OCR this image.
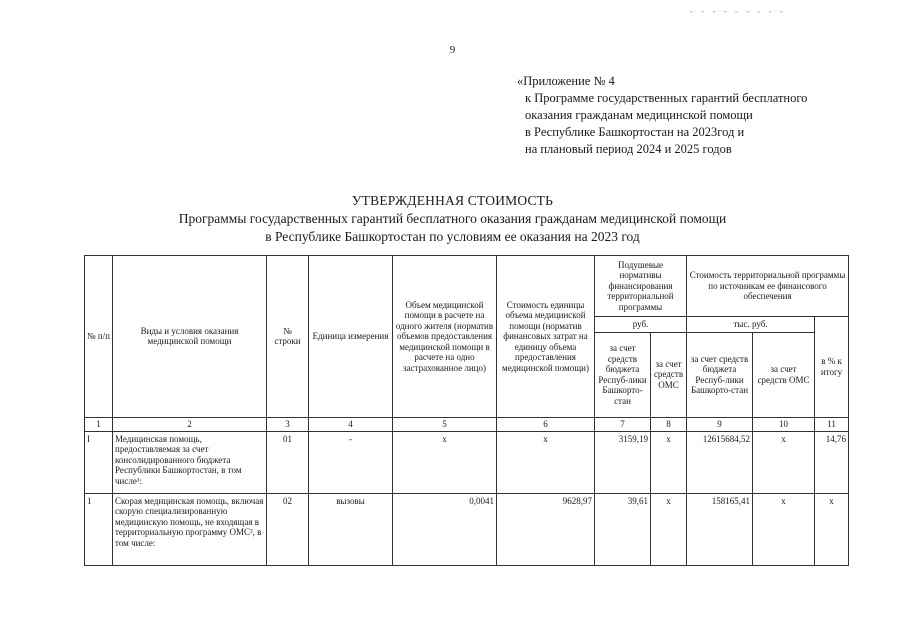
- - - - - - - - -
9
«Приложение № 4
к Программе государственных гарантий бесплатного
оказания гражданам медицинской помощи
в Республике Башкортостан на 2023год и
на плановый период 2024 и 2025 годов
УТВЕРЖДЕННАЯ СТОИМОСТЬ
Программы государственных гарантий бесплатного оказания гражданам медицинской помощи
в Республике Башкортостан по условиям ее оказания на 2023 год
№ п/п	Виды и условия оказания медицинской помощи	№ строки	Единица измерения	Объем медицинской помощи в расчете на одного жителя (норматив объемов предоставления медицинской помощи в расчете на одно застрахованное лицо)	Стоимость единицы объема медицинской помощи (норматив финансовых затрат на единицу объема предоставления медицинской помощи)	Подушевые нормативы финансирования территориальной программы		Стоимость территориальной программы по источникам ее финансового обеспечения		
						руб.		тыс. руб.		в % к итогу
						за счет средств бюджета Респуб-лики Башкорто-стан	за счет средств ОМС	за счет средств бюджета Респуб-лики Башкорто-стан	за счет средств ОМС	
1	2	3	4	5	6	7	8	9	10	11
I	Медицинская помощь, предоставляемая за счет консолидированного бюджета Республики Башкортостан, в том числе¹:	01	-	x	x	3159,19	x	12615684,52	x	14,76
1	Скорая медицинская помощь, включая скорую специализированную медицинскую помощь, не входящая в территориальную программу ОМС², в том числе:	02	вызовы	0,0041	9628,97	39,61	x	158165,41	x	x
